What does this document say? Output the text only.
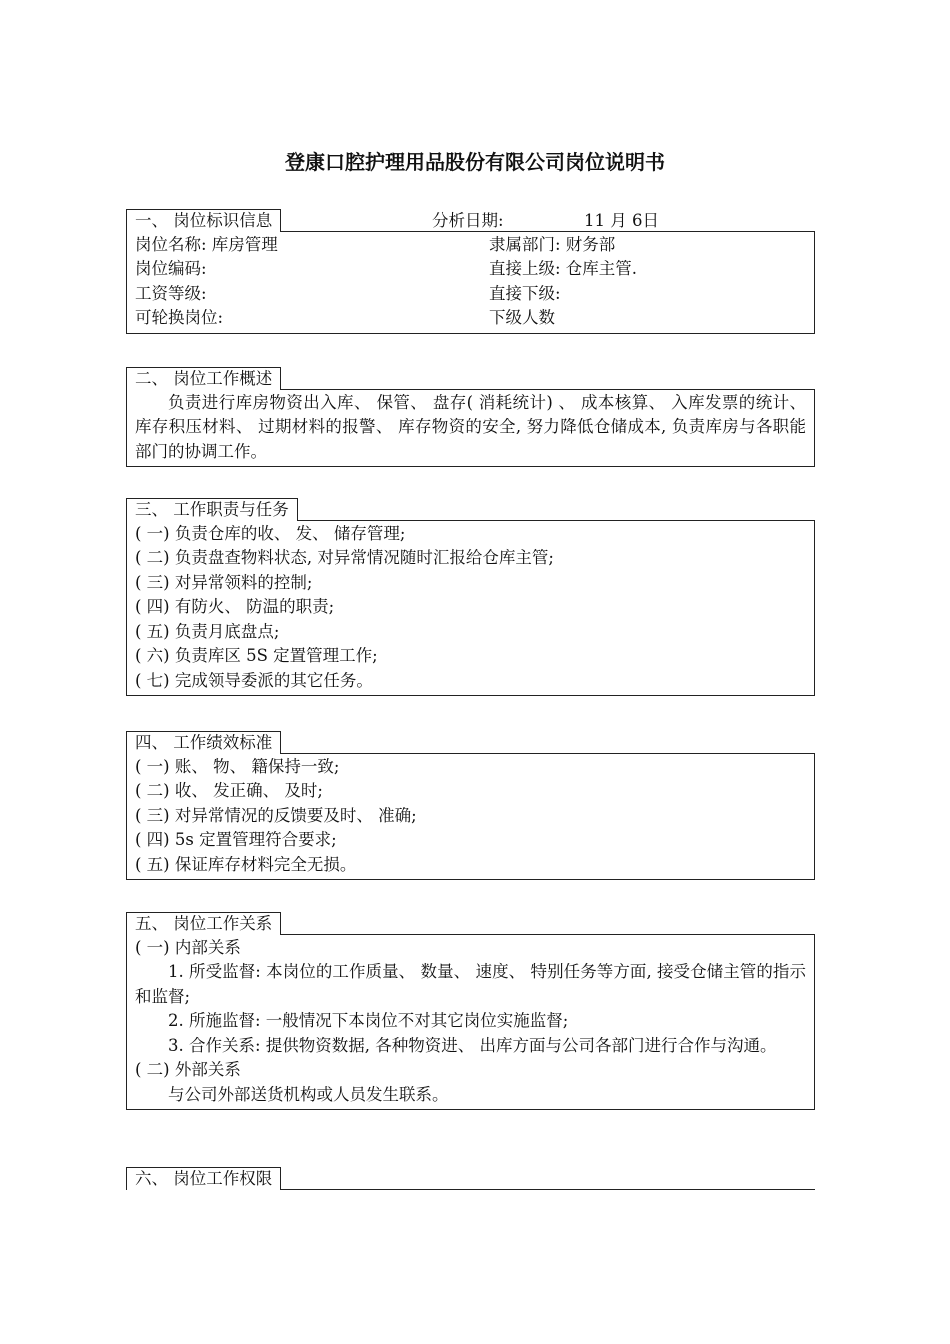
登康口腔护理用品股份有限公司岗位说明书
一、 岗位标识信息	分析日期:	11 月 6日
岗位名称: 库房管理	隶属部门: 财务部
岗位编码:	直接上级: 仓库主管.
工资等级:	直接下级:
可轮换岗位:	下级人数
二、 岗位工作概述
负责进行库房物资出入库、 保管、 盘存( 消耗统计) 、 成本核算、 入库发票的统计、 库存积压材料、 过期材料的报警、 库存物资的安全, 努力降低仓储成本, 负责库房与各职能部门的协调工作。
三、 工作职责与任务
( 一) 负责仓库的收、 发、 储存管理;
( 二) 负责盘查物料状态, 对异常情况随时汇报给仓库主管;
( 三) 对异常领料的控制;
( 四) 有防火、 防温的职责;
( 五) 负责月底盘点;
( 六) 负责库区 5S 定置管理工作;
( 七) 完成领导委派的其它任务。
四、 工作绩效标准
( 一) 账、 物、 籍保持一致;
( 二) 收、 发正确、 及时;
( 三) 对异常情况的反馈要及时、 准确;
( 四) 5s 定置管理符合要求;
( 五) 保证库存材料完全无损。
五、 岗位工作关系
( 一) 内部关系
1. 所受监督: 本岗位的工作质量、 数量、 速度、 特别任务等方面, 接受仓储主管的指示和监督;
2. 所施监督: 一般情况下本岗位不对其它岗位实施监督;
3. 合作关系: 提供物资数据, 各种物资进、 出库方面与公司各部门进行合作与沟通。
( 二) 外部关系
与公司外部送货机构或人员发生联系。
六、 岗位工作权限
